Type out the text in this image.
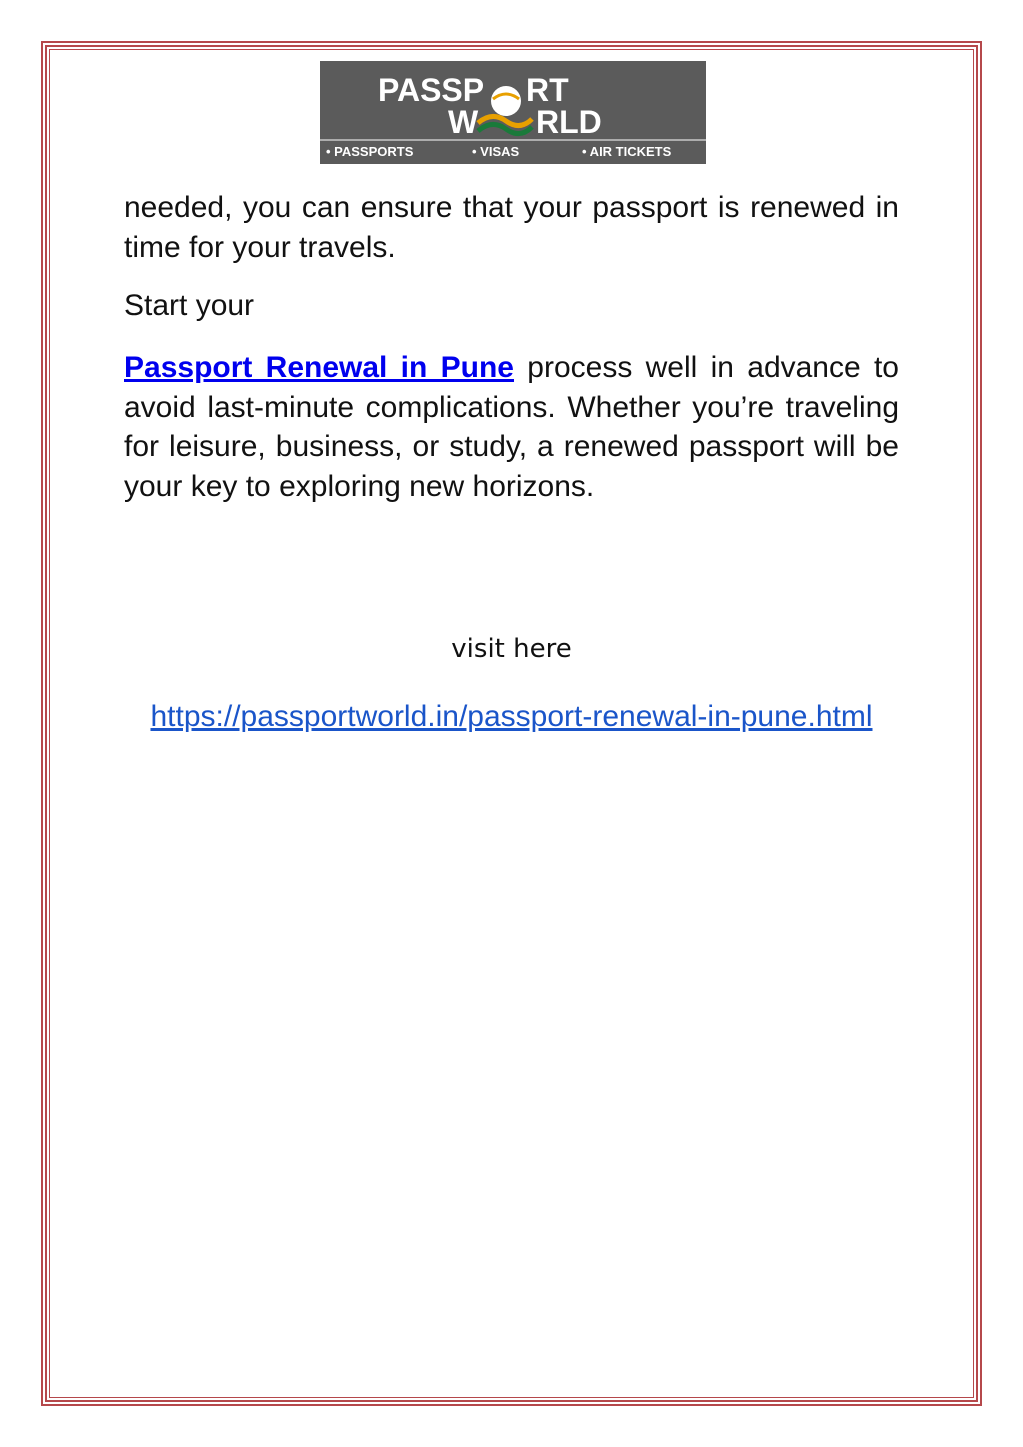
PASSP RT
W RLD
• PASSPORTS	• VISAS	• AIR TICKETS
needed, you can ensure that your passport is renewed in time for your travels.
Start your
Passport Renewal in Pune process well in advance to avoid last-minute complications. Whether you’re traveling for leisure, business, or study, a renewed passport will be your key to exploring new horizons.
visit here
https://passportworld.in/passport-renewal-in-pune.html
